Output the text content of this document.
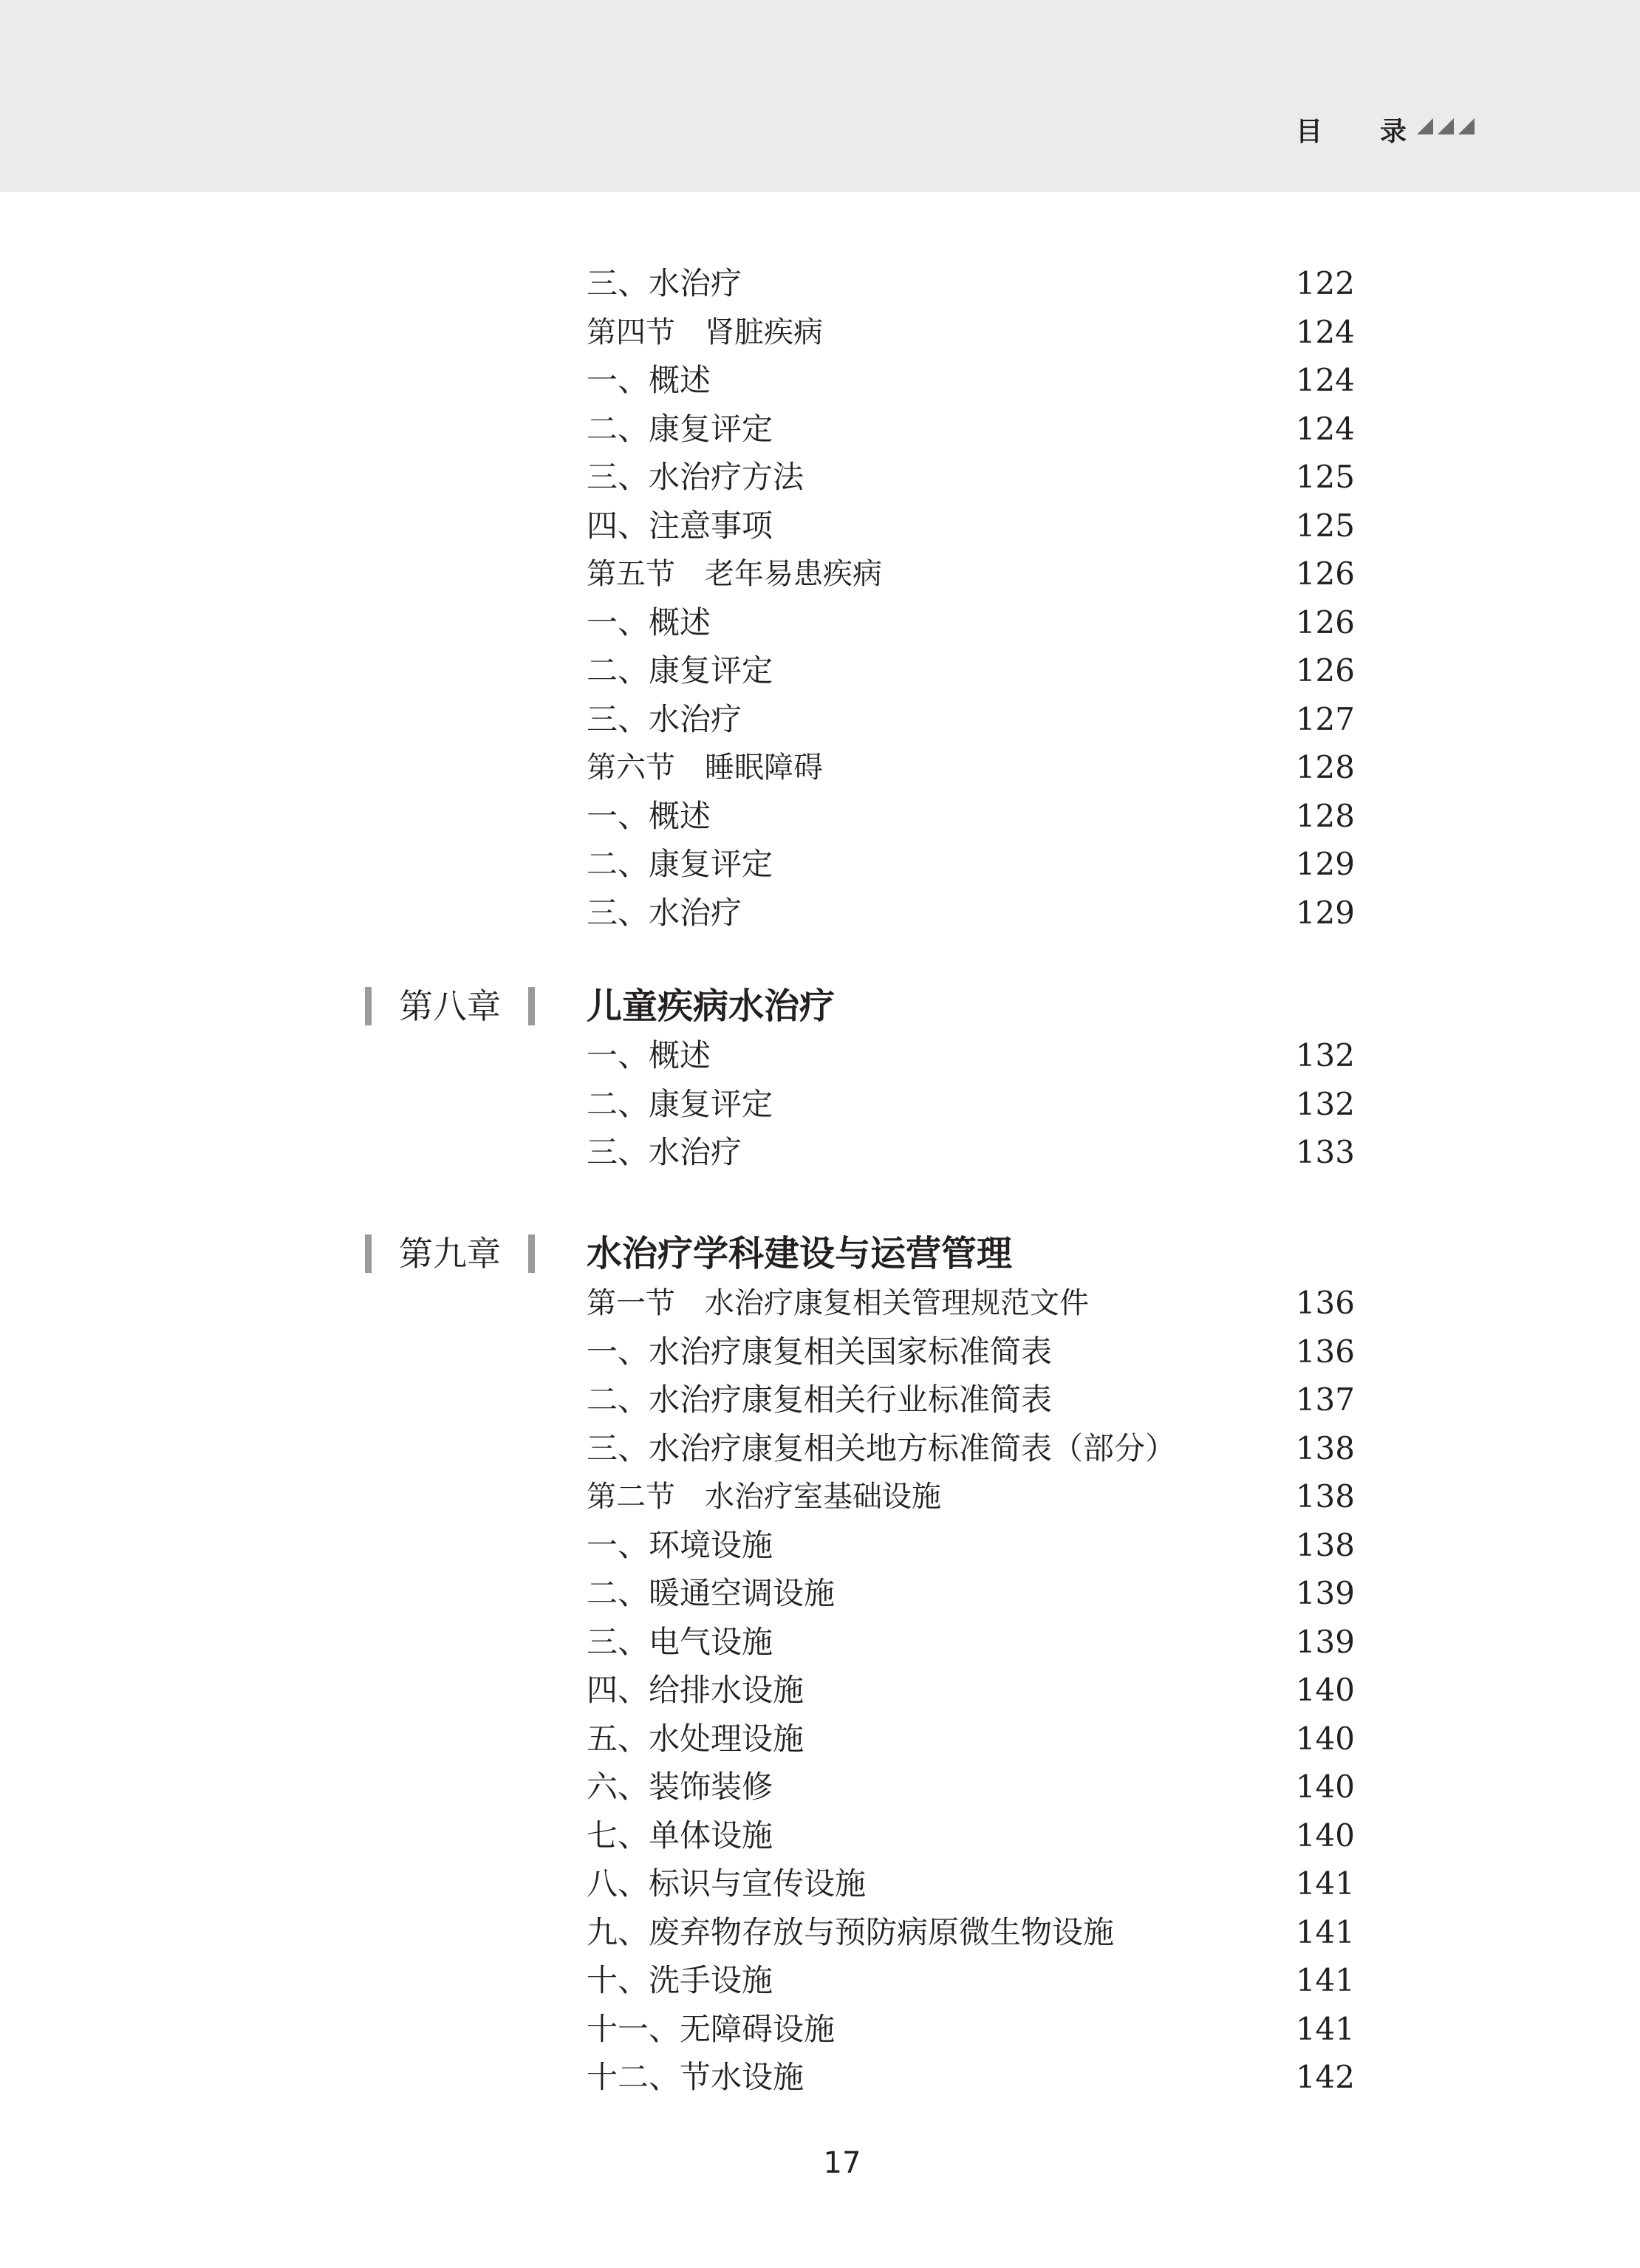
目 录
三、水治疗	122
第四节　肾脏疾病	124
一、概述	124
二、康复评定	124
三、水治疗方法	125
四、注意事项	125
第五节　老年易患疾病	126
一、概述	126
二、康复评定	126
三、水治疗	127
第六节　睡眠障碍	128
一、概述	128
二、康复评定	129
三、水治疗	129
第八章	儿童疾病水治疗
一、概述	132
二、康复评定	132
三、水治疗	133
第九章	水治疗学科建设与运营管理
第一节　水治疗康复相关管理规范文件	136
一、水治疗康复相关国家标准简表	136
二、水治疗康复相关行业标准简表	137
三、水治疗康复相关地方标准简表（部分）	138
第二节　水治疗室基础设施	138
一、环境设施	138
二、暖通空调设施	139
三、电气设施	139
四、给排水设施	140
五、水处理设施	140
六、装饰装修	140
七、单体设施	140
八、标识与宣传设施	141
九、废弃物存放与预防病原微生物设施	141
十、洗手设施	141
十一、无障碍设施	141
十二、节水设施	142
17
